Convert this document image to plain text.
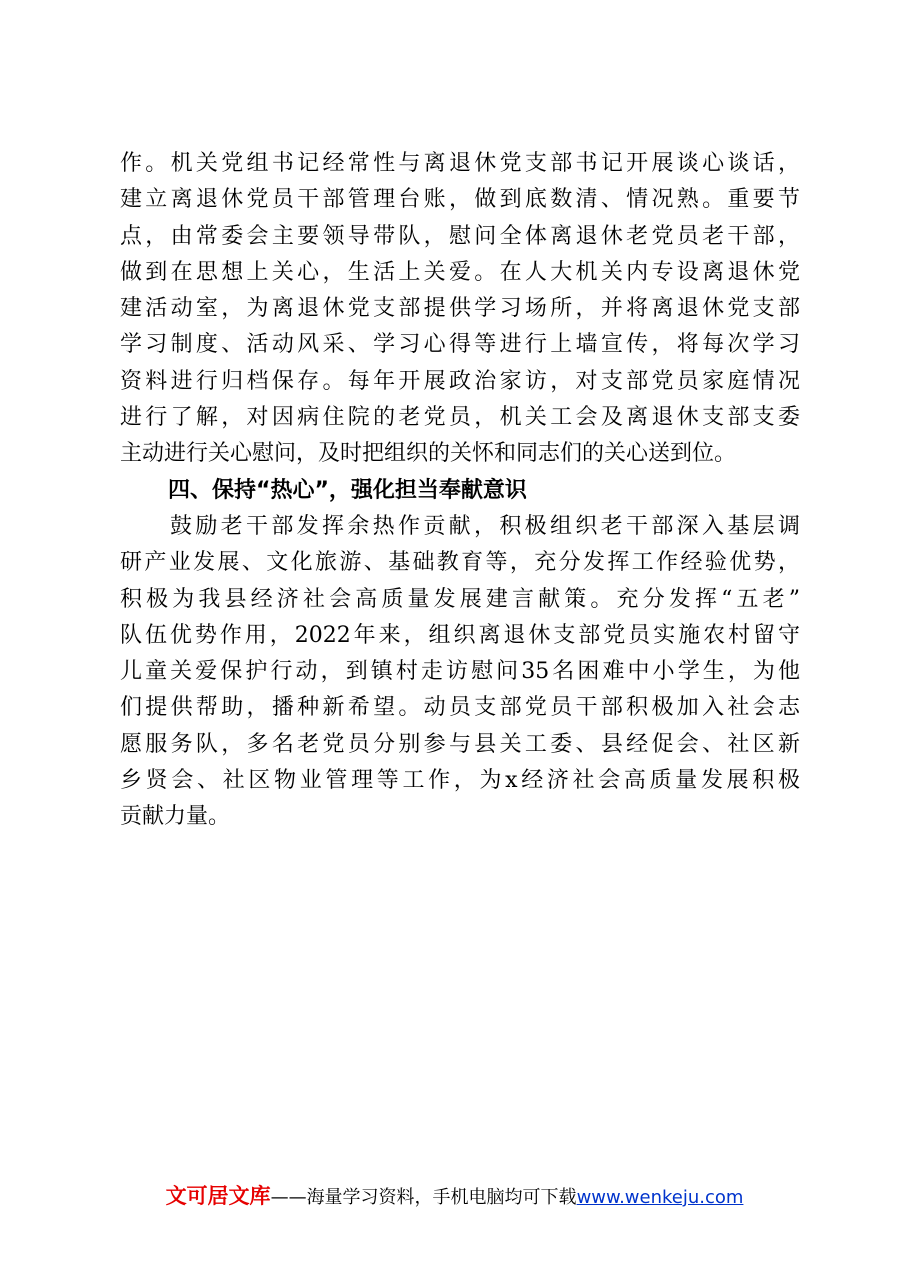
作。机关党组书记经常性与离退休党支部书记开展谈心谈话，
建立离退休党员干部管理台账，做到底数清、情况熟。重要节
点，由常委会主要领导带队，慰问全体离退休老党员老干部，
做到在思想上关心，生活上关爱。在人大机关内专设离退休党
建活动室，为离退休党支部提供学习场所，并将离退休党支部
学习制度、活动风采、学习心得等进行上墙宣传，将每次学习
资料进行归档保存。每年开展政治家访，对支部党员家庭情况
进行了解，对因病住院的老党员，机关工会及离退休支部支委
主动进行关心慰问，及时把组织的关怀和同志们的关心送到位。
四、保持“热心”，强化担当奉献意识
鼓励老干部发挥余热作贡献，积极组织老干部深入基层调
研产业发展、文化旅游、基础教育等，充分发挥工作经验优势，
积极为我县经济社会高质量发展建言献策。充分发挥“五老”
队伍优势作用，2022年来，组织离退休支部党员实施农村留守
儿童关爱保护行动，到镇村走访慰问35名困难中小学生，为他
们提供帮助，播种新希望。动员支部党员干部积极加入社会志
愿服务队，多名老党员分别参与县关工委、县经促会、社区新
乡贤会、社区物业管理等工作，为x经济社会高质量发展积极
贡献力量。
文可居文库——海量学习资料，手机电脑均可下载www.wenkeju.com
